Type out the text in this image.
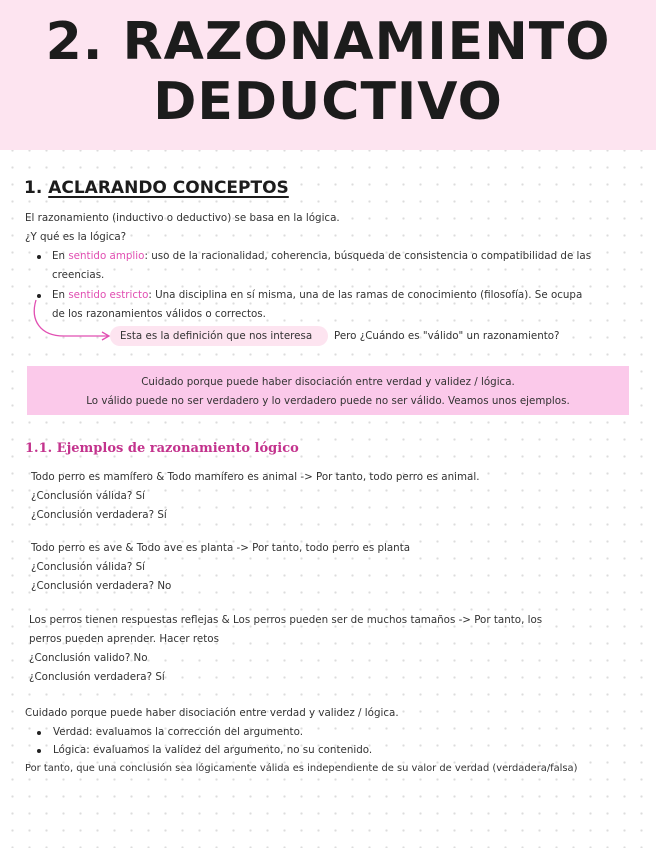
2. RAZONAMIENTO
DEDUCTIVO
1. ACLARANDO CONCEPTOS
El razonamiento (inductivo o deductivo) se basa en la lógica.
¿Y qué es la lógica?
En sentido amplio: uso de la racionalidad, coherencia, búsqueda de consistencia o compatibilidad de las
creencias.
En sentido estricto: Una disciplina en sí misma, una de las ramas de conocimiento (filosofía). Se ocupa
de los razonamientos válidos o correctos.
Esta es la definición que nos interesa Pero ¿Cuándo es "válido" un razonamiento?
Cuidado porque puede haber disociación entre verdad y validez / lógica.
Lo válido puede no ser verdadero y lo verdadero puede no ser válido. Veamos unos ejemplos.
1.1. Ejemplos de razonamiento lógico
Todo perro es mamífero & Todo mamífero es animal -> Por tanto, todo perro es animal.
¿Conclusión válida? Sí
¿Conclusión verdadera? Sí
Todo perro es ave & Todo ave es planta -> Por tanto, todo perro es planta
¿Conclusión válida? Sí
¿Conclusión verdadera? No
Los perros tienen respuestas reflejas & Los perros pueden ser de muchos tamaños -> Por tanto, los
perros pueden aprender. Hacer retos
¿Conclusión valido? No
¿Conclusión verdadera? Sí
Cuidado porque puede haber disociación entre verdad y validez / lógica.
Verdad: evaluamos la corrección del argumento.
Lógica: evaluamos la validez del argumento, no su contenido.
Por tanto, que una conclusión sea lógicamente válida es independiente de su valor de verdad (verdadera/falsa)
